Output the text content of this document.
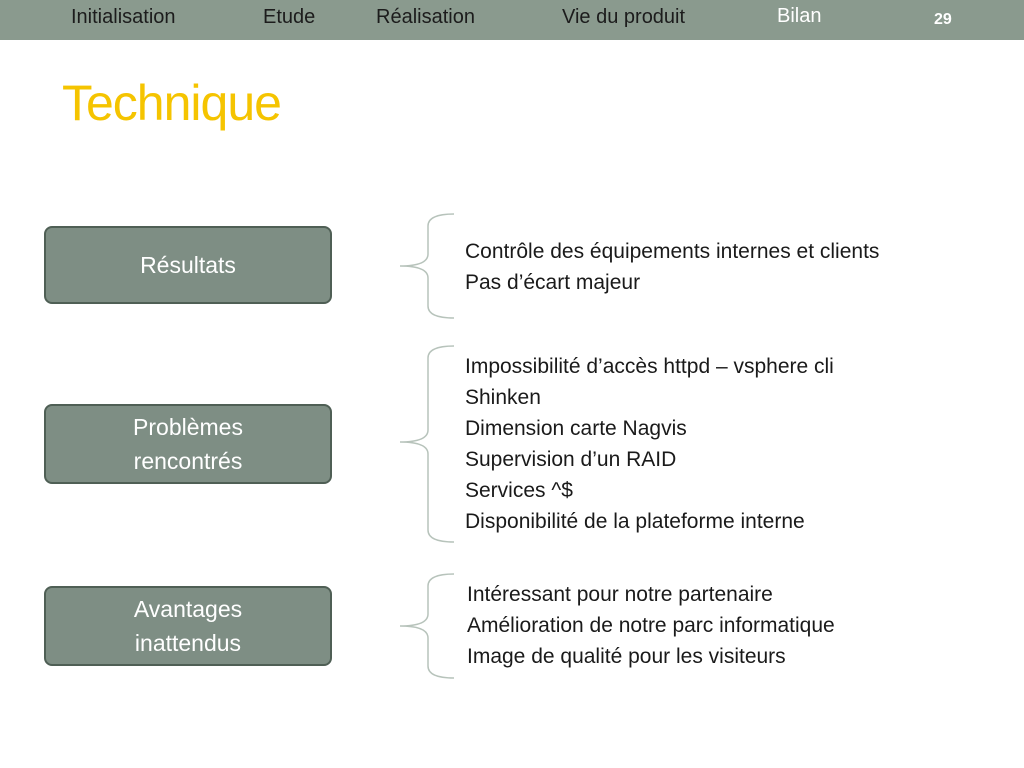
Initialisation	Etude	Réalisation	Vie du produit	Bilan	29
Technique
Résultats
Contrôle des équipements internes et clients
Pas d’écart majeur
Problèmes
rencontrés
Impossibilité d’accès httpd – vsphere cli
Shinken
Dimension carte Nagvis
Supervision d’un RAID
Services ^$
Disponibilité de la plateforme interne
Avantages
inattendus
Intéressant pour notre partenaire
Amélioration de notre parc informatique
Image de qualité pour les visiteurs
